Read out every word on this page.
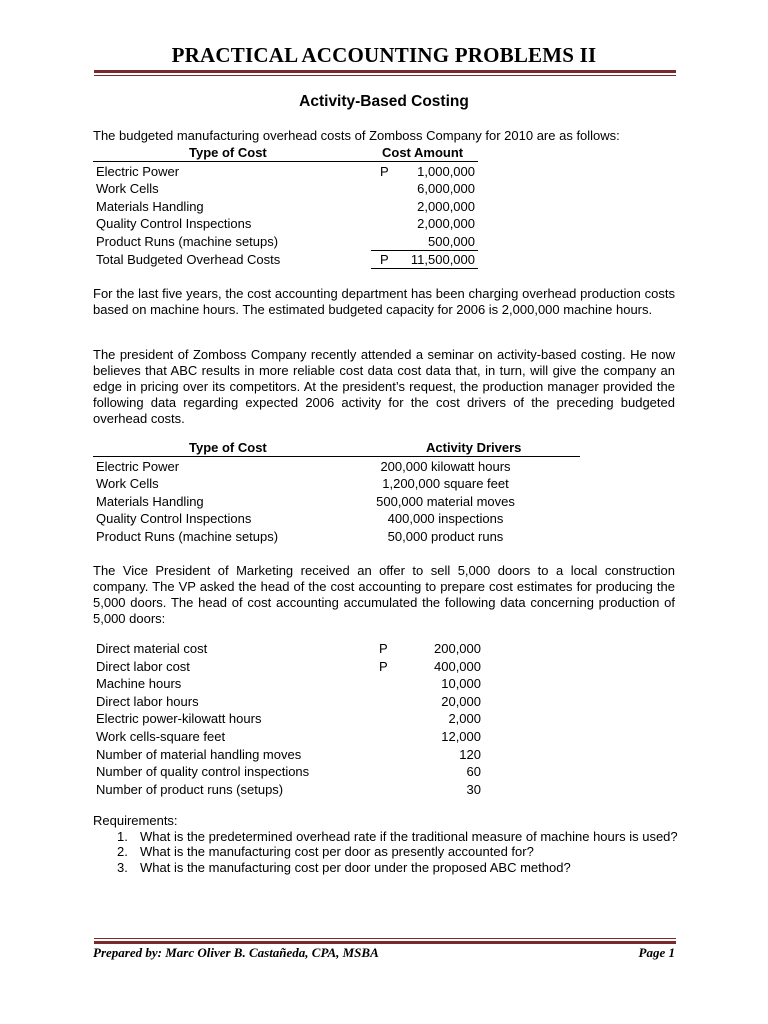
PRACTICAL ACCOUNTING PROBLEMS II
Activity-Based Costing
The budgeted manufacturing overhead costs of Zomboss Company for 2010 are as follows:
Type of Cost	Cost Amount
Electric Power	P 1,000,000
Work Cells	6,000,000
Materials Handling	2,000,000
Quality Control Inspections	2,000,000
Product Runs (machine setups)	500,000
Total Budgeted Overhead Costs	P 11,500,000
For the last five years, the cost accounting department has been charging overhead production costs based on machine hours. The estimated budgeted capacity for 2006 is 2,000,000 machine hours.
The president of Zomboss Company recently attended a seminar on activity-based costing. He now believes that ABC results in more reliable cost data cost data that, in turn, will give the company an edge in pricing over its competitors. At the president’s request, the production manager provided the following data regarding expected 2006 activity for the cost drivers of the preceding budgeted overhead costs.
Type of Cost	Activity Drivers
Electric Power	200,000 kilowatt hours
Work Cells	1,200,000 square feet
Materials Handling	500,000 material moves
Quality Control Inspections	400,000 inspections
Product Runs (machine setups)	50,000 product runs
The Vice President of Marketing received an offer to sell 5,000 doors to a local construction company. The VP asked the head of the cost accounting to prepare cost estimates for producing the 5,000 doors. The head of cost accounting accumulated the following data concerning production of 5,000 doors:
Direct material cost	P	200,000
Direct labor cost	P	400,000
Machine hours	10,000
Direct labor hours	20,000
Electric power-kilowatt hours	2,000
Work cells-square feet	12,000
Number of material handling moves	120
Number of quality control inspections	60
Number of product runs (setups)	30
Requirements:
1. What is the predetermined overhead rate if the traditional measure of machine hours is used?
2. What is the manufacturing cost per door as presently accounted for?
3. What is the manufacturing cost per door under the proposed ABC method?
Prepared by: Marc Oliver B. Castañeda, CPA, MSBA	Page 1
